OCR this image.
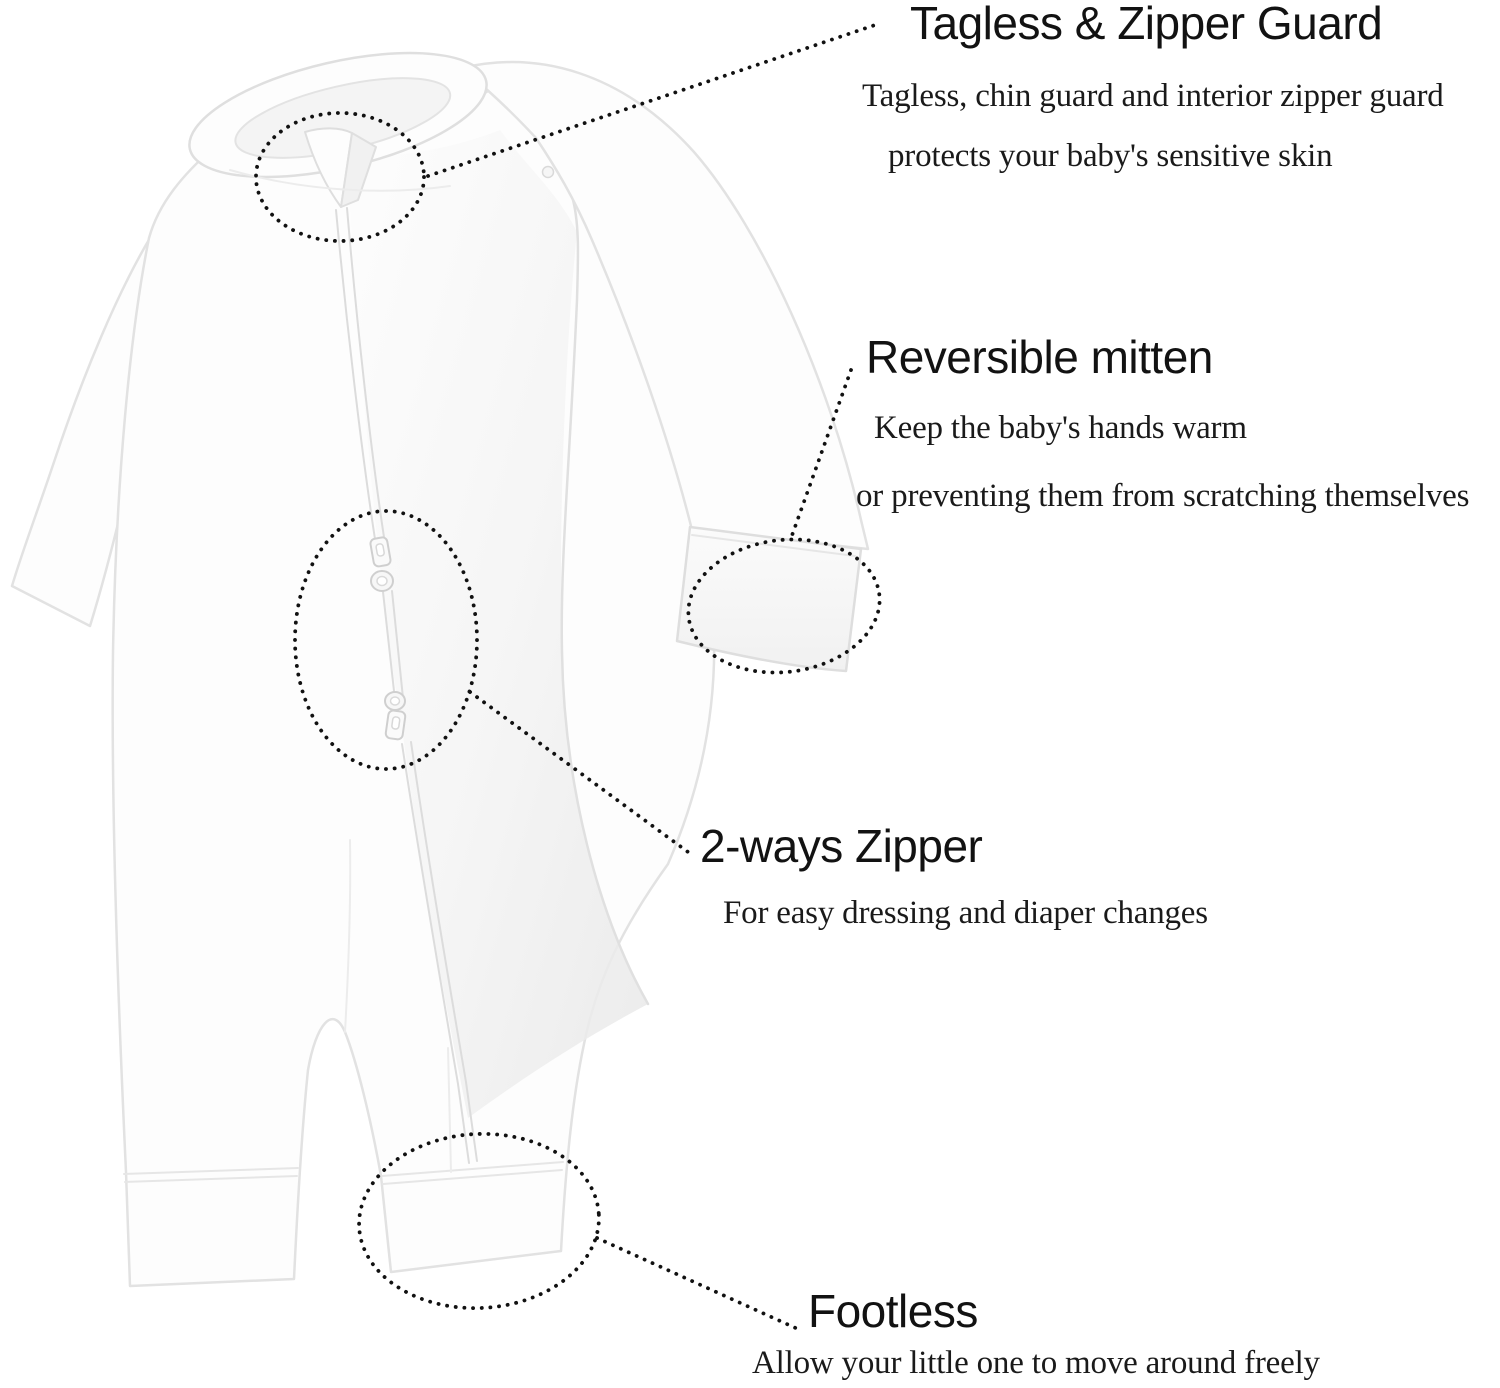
Tagless & Zipper Guard
Tagless, chin guard and interior zipper guard
protects your baby's sensitive skin
Reversible mitten
Keep the baby's hands warm
or preventing them from scratching themselves
2-ways Zipper
For easy dressing and diaper changes
Footless
Allow your little one to move around freely
